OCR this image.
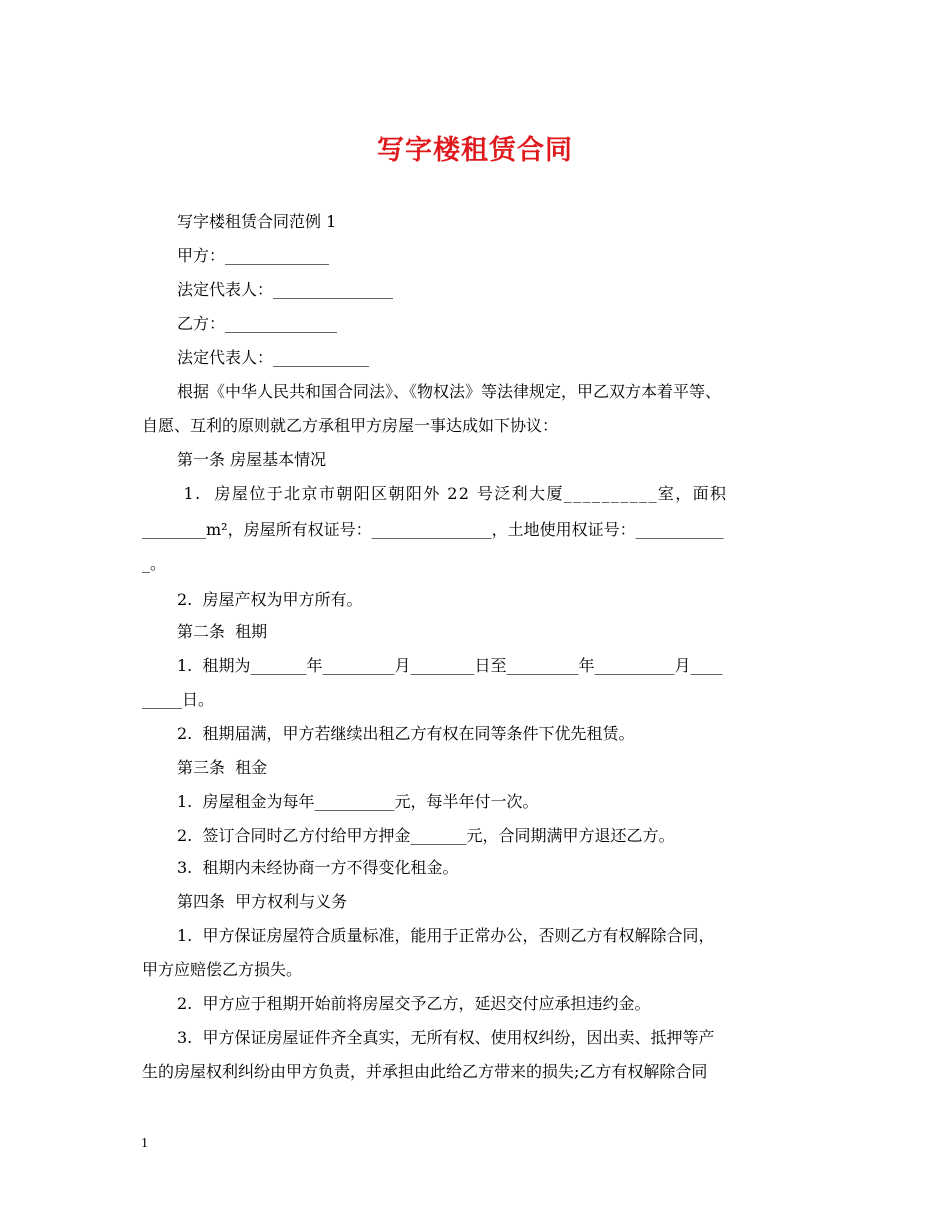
写字楼租赁合同
写字楼租赁合同范例 1
甲方：_____________
法定代表人：_______________
乙方：______________
法定代表人：____________
根据《中华人民共和国合同法》、《物权法》等法律规定，甲乙双方本着平等、
自愿、互利的原则就乙方承租甲方房屋一事达成如下协议：
第一条 房屋基本情况
1.  房屋位于北京市朝阳区朝阳外 22 号泛利大厦__________室，面积
________m²，房屋所有权证号：_______________，土地使用权证号：___________
_。
2.  房屋产权为甲方所有。
第二条  租期
1.  租期为_______年_________月________日至_________年__________月____
_____日。
2.  租期届满，甲方若继续出租乙方有权在同等条件下优先租赁。
第三条  租金
1.  房屋租金为每年__________元，每半年付一次。
2.  签订合同时乙方付给甲方押金_______元，合同期满甲方退还乙方。
3.  租期内未经协商一方不得变化租金。
第四条  甲方权利与义务
1.  甲方保证房屋符合质量标准，能用于正常办公，否则乙方有权解除合同，
甲方应赔偿乙方损失。
2.  甲方应于租期开始前将房屋交予乙方，延迟交付应承担违约金。
3.  甲方保证房屋证件齐全真实，无所有权、使用权纠纷，因出卖、抵押等产
生的房屋权利纠纷由甲方负责，并承担由此给乙方带来的损失;乙方有权解除合同
1
